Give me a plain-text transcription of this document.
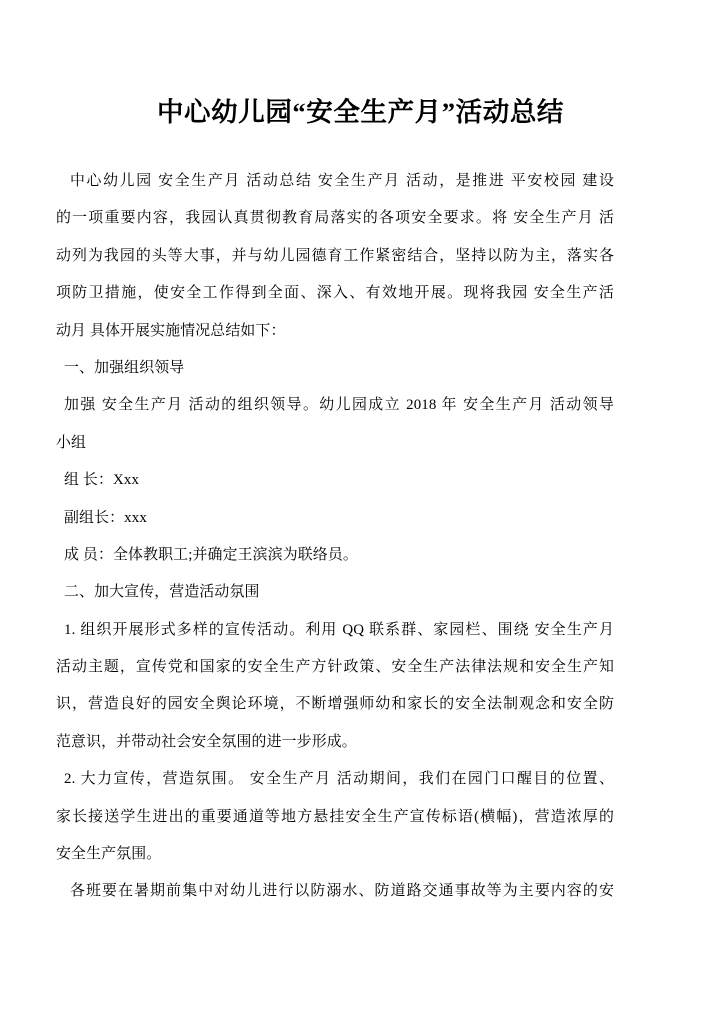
中心幼儿园“安全生产月”活动总结
中心幼儿园 安全生产月 活动总结 安全生产月 活动，是推进 平安校园 建设
的一项重要内容，我园认真贯彻教育局落实的各项安全要求。将 安全生产月 活
动列为我园的头等大事，并与幼儿园德育工作紧密结合，坚持以防为主，落实各
项防卫措施，使安全工作得到全面、深入、有效地开展。现将我园 安全生产活
动月 具体开展实施情况总结如下：
一、加强组织领导
加强 安全生产月 活动的组织领导。幼儿园成立 2018 年 安全生产月 活动领导
小组
组 长：Xxx
副组长：xxx
成 员：全体教职工;并确定王滨滨为联络员。
二、加大宣传，营造活动氛围
1. 组织开展形式多样的宣传活动。利用 QQ 联系群、家园栏、围绕 安全生产月
活动主题，宣传党和国家的安全生产方针政策、安全生产法律法规和安全生产知
识，营造良好的园安全舆论环境，不断增强师幼和家长的安全法制观念和安全防
范意识，并带动社会安全氛围的进一步形成。
2. 大力宣传，营造氛围。 安全生产月 活动期间，我们在园门口醒目的位置、
家长接送学生进出的重要通道等地方悬挂安全生产宣传标语(横幅)，营造浓厚的
安全生产氛围。
各班要在暑期前集中对幼儿进行以防溺水、防道路交通事故等为主要内容的安
